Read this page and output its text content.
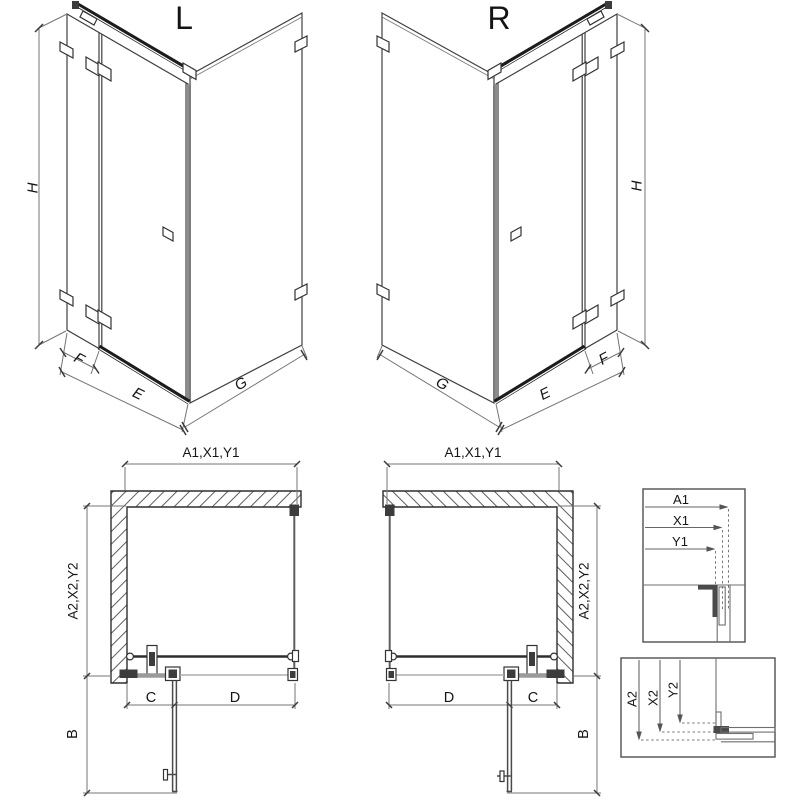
L
H
F
E	G
R
H
F
E
G
A1,X1,Y1
A2,X2,Y2
B
C	D
A1,X1,Y1
A2,X2,Y2
B
D	C
A1
X1
Y1
A2 X2
Y2
